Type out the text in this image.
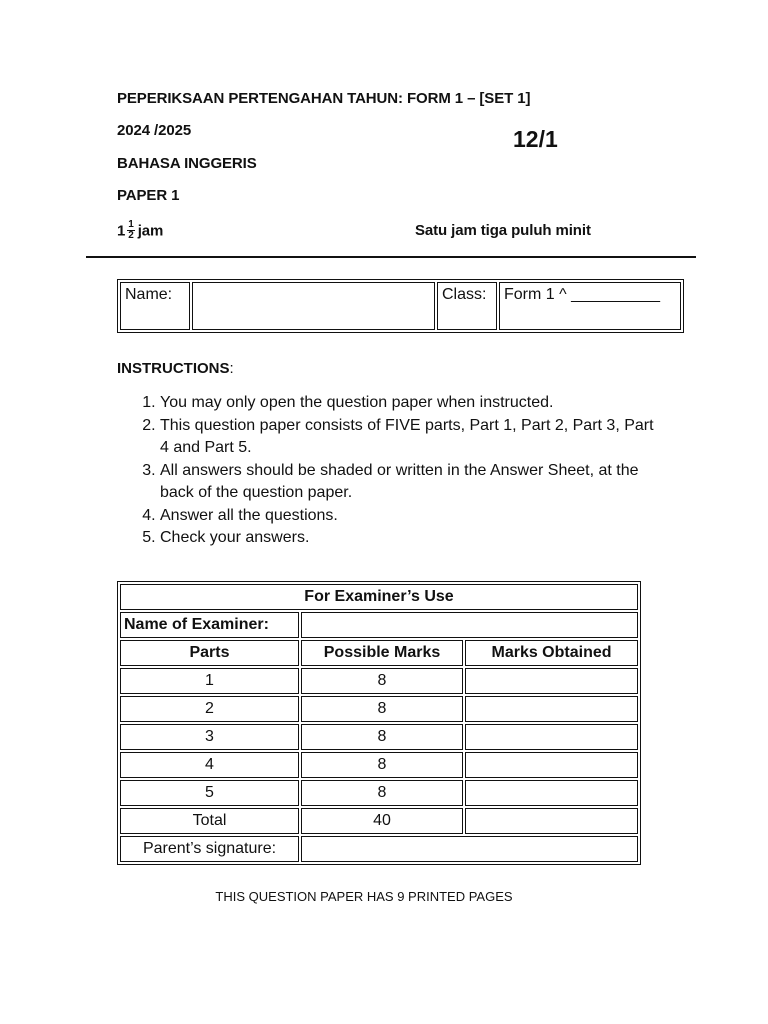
PEPERIKSAAN PERTENGAHAN TAHUN: FORM 1 – [SET 1]
2024 /2025	12/1
BAHASA INGGERIS
PAPER 1
$1 \frac{1}{2}$ jam	Satu jam tiga puluh minit
Name:		Class:	Form 1 ^ __________
INSTRUCTIONS:
1. You may only open the question paper when instructed.
2. This question paper consists of FIVE parts, Part 1, Part 2, Part 3, Part 4 and Part 5.
3. All answers should be shaded or written in the Answer Sheet, at the back of the question paper.
4. Answer all the questions.
5. Check your answers.
For Examiner’s Use		
Name of Examiner:		
Parts	Possible Marks	Marks Obtained
1	8	
2	8	
3	8	
4	8	
5	8	
Total	40	
Parent’s signature:		
THIS QUESTION PAPER HAS 9 PRINTED PAGES
